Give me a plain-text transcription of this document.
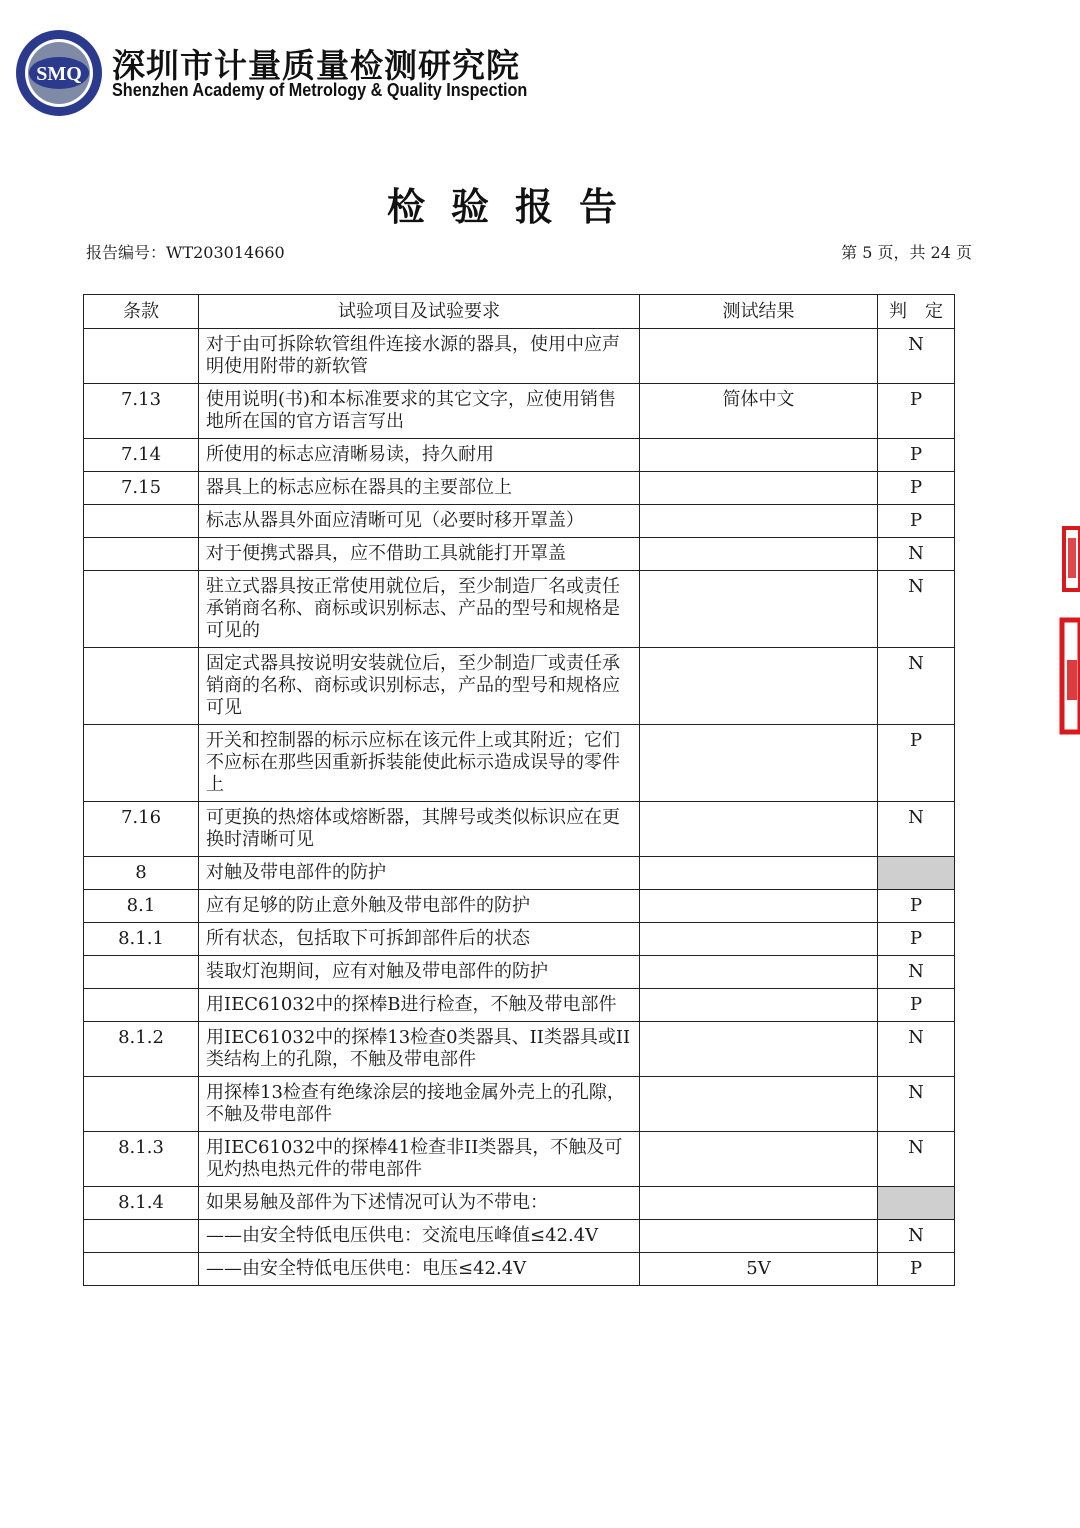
SMQ 深圳市计量质量检测研究院
Shenzhen Academy of Metrology & Quality Inspection
检验报告
报告编号：WT203014660	第 5 页，共 24 页
条款	试验项目及试验要求	测试结果	判　定
	对于由可拆除软管组件连接水源的器具，使用中应声明使用附带的新软管		N
7.13	使用说明(书)和本标准要求的其它文字，应使用销售地所在国的官方语言写出	简体中文	P
7.14	所使用的标志应清晰易读，持久耐用		P
7.15	器具上的标志应标在器具的主要部位上		P
	标志从器具外面应清晰可见（必要时移开罩盖）		P
	对于便携式器具，应不借助工具就能打开罩盖		N
	驻立式器具按正常使用就位后，至少制造厂名或责任承销商名称、商标或识别标志、产品的型号和规格是可见的		N
	固定式器具按说明安装就位后，至少制造厂或责任承销商的名称、商标或识别标志，产品的型号和规格应可见		N
	开关和控制器的标示应标在该元件上或其附近；它们不应标在那些因重新拆装能使此标示造成误导的零件上		P
7.16	可更换的热熔体或熔断器，其牌号或类似标识应在更换时清晰可见		N
8	对触及带电部件的防护		
8.1	应有足够的防止意外触及带电部件的防护		P
8.1.1	所有状态，包括取下可拆卸部件后的状态		P
	装取灯泡期间，应有对触及带电部件的防护		N
	用IEC61032中的探棒B进行检查，不触及带电部件		P
8.1.2	用IEC61032中的探棒13检查0类器具、II类器具或II类结构上的孔隙，不触及带电部件		N
	用探棒13检查有绝缘涂层的接地金属外壳上的孔隙，不触及带电部件		N
8.1.3	用IEC61032中的探棒41检查非II类器具，不触及可见灼热电热元件的带电部件		N
8.1.4	如果易触及部件为下述情况可认为不带电：		
	——由安全特低电压供电：交流电压峰值≤42.4V		N
	——由安全特低电压供电：电压≤42.4V	5V	P
